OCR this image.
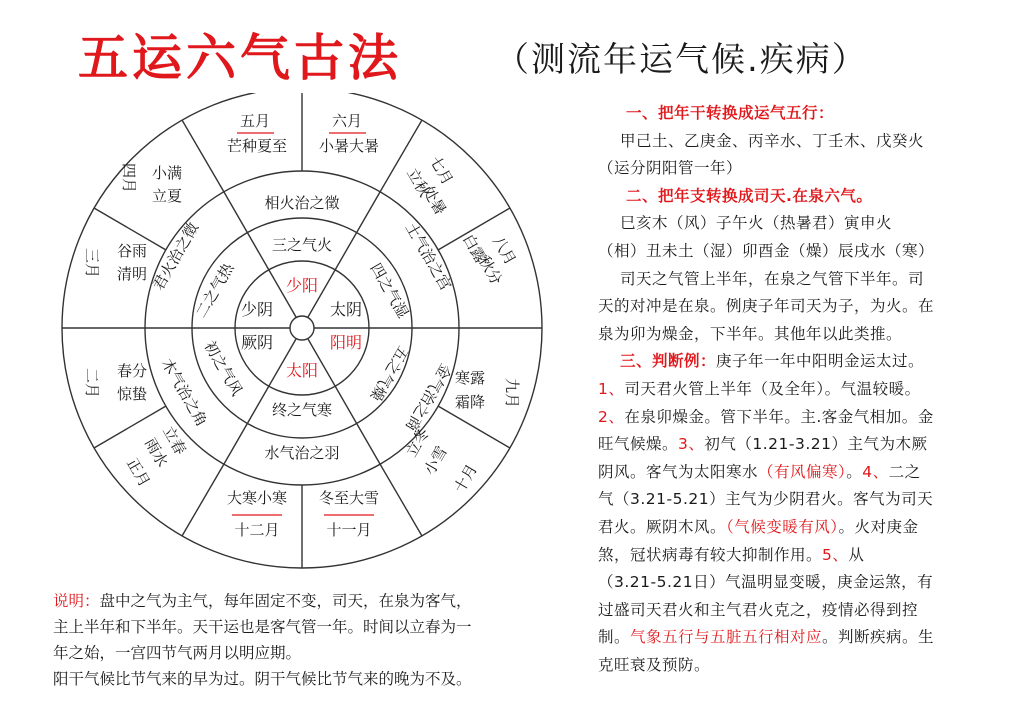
五运六气古法	（测流年运气候.疾病）
少阳
太阴
阳明
太阳
厥阴
少阴
三之气火
四之气湿
五之气燥
终之气寒
初之气风
二之气热
相火治之徵
土气治之宫
金气治之商
水气治之羽
木气治之角
君火治之徵
五月	六月
芒种 夏至 小暑 大暑
七月
立秋
处暑
八月
白露
秋分
九月
寒露
霜降
十月
立冬
小雪
大寒 小寒 冬至 大雪
十二月	十一月
正月
立春
雨水
二月 春分
惊蛰
三月 谷雨
清明
四月 小满
立夏
一、把年干转换成运气五行：
甲己土、乙庚金、丙辛水、丁壬木、戊癸火
（运分阴阳管一年）
二、把年支转换成司天.在泉六气。
巳亥木（风）子午火（热暑君）寅申火
（相）丑未土（湿）卯酉金（燥）辰戌水（寒）
司天之气管上半年，在泉之气管下半年。司
天的对冲是在泉。例庚子年司天为子，为火。在
泉为卯为燥金，下半年。其他年以此类推。
三、判断例：庚子年一年中阳明金运太过。
1、司天君火管上半年（及全年）。气温较暖。
2、在泉卯燥金。管下半年。主.客金气相加。金
旺气候燥。3、初气（1.21-3.21）主气为木厥
阴风。客气为太阳寒水（有风偏寒）。4、二之
气（3.21-5.21）主气为少阴君火。客气为司天
君火。厥阴木风。（气候变暖有风）。火对庚金
煞，冠状病毒有较大抑制作用。5、从
（3.21-5.21日）气温明显变暖，庚金运煞，有
过盛司天君火和主气君火克之，疫情必得到控
制。气象五行与五脏五行相对应。判断疾病。生
克旺衰及预防。
说明：盘中之气为主气，每年固定不变，司天，在泉为客气，
主上半年和下半年。天干运也是客气管一年。时间以立春为一
年之始，一宫四节气两月以明应期。
阳干气候比节气来的早为过。阴干气候比节气来的晚为不及。
